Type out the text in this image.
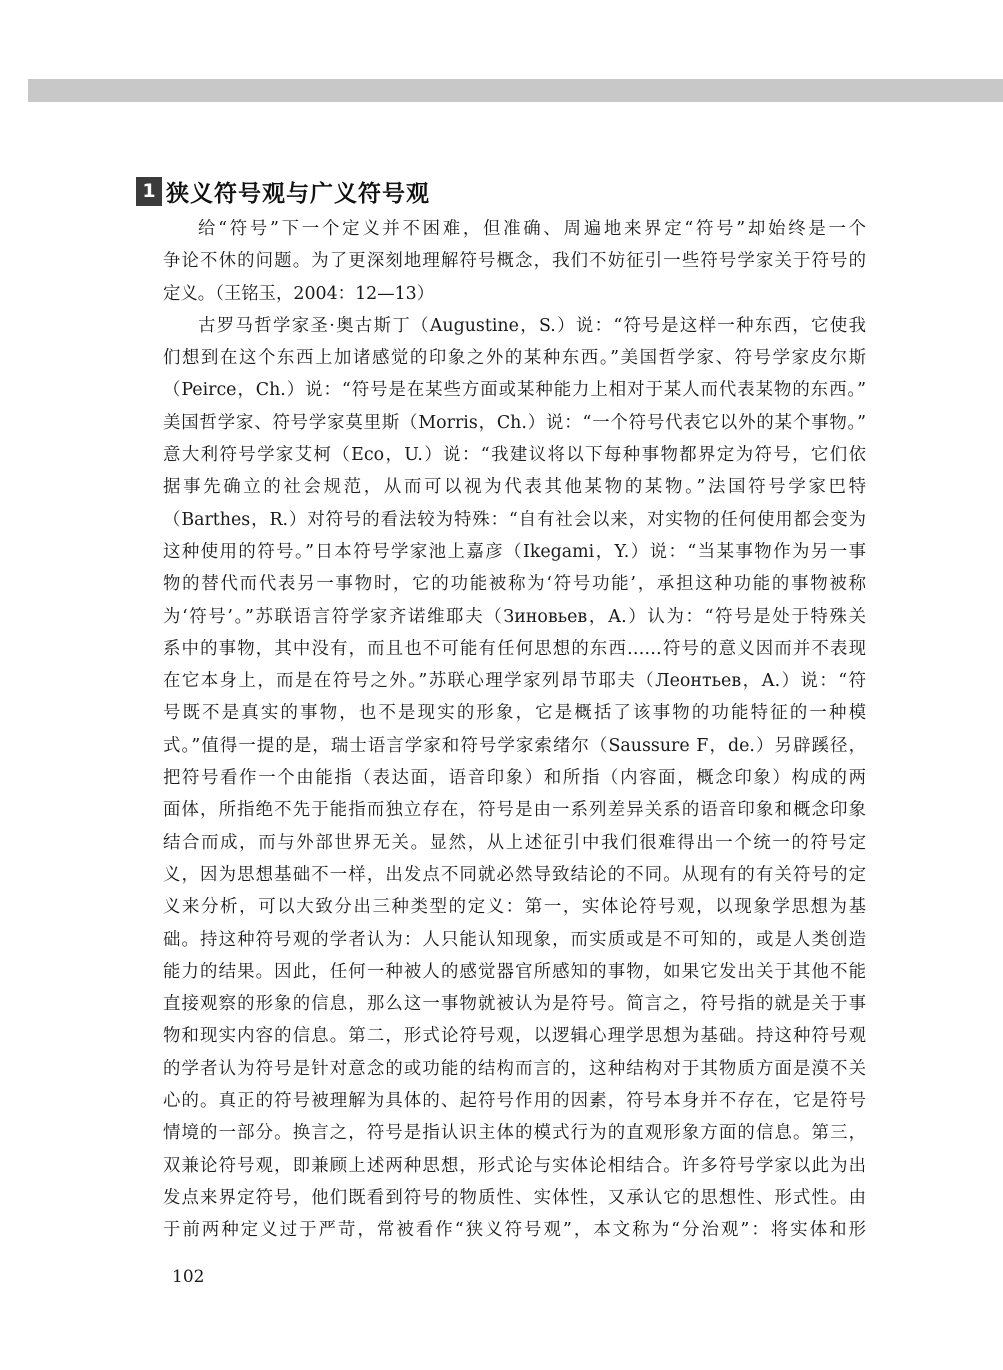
1 狭义符号观与广义符号观
给“符号”下一个定义并不困难，但准确、周遍地来界定“符号”却始终是一个
争论不休的问题。为了更深刻地理解符号概念，我们不妨征引一些符号学家关于符号的
定义。（王铭玉，2004：12—13）
古罗马哲学家圣·奥古斯丁（Augustine，S.）说：“符号是这样一种东西，它使我
们想到在这个东西上加诸感觉的印象之外的某种东西。”美国哲学家、符号学家皮尔斯
（Peirce，Ch.）说：“符号是在某些方面或某种能力上相对于某人而代表某物的东西。”
美国哲学家、符号学家莫里斯（Morris，Ch.）说：“一个符号代表它以外的某个事物。”
意大利符号学家艾柯（Eco，U.）说：“我建议将以下每种事物都界定为符号，它们依
据事先确立的社会规范，从而可以视为代表其他某物的某物。”法国符号学家巴特
（Barthes，R.）对符号的看法较为特殊：“自有社会以来，对实物的任何使用都会变为
这种使用的符号。”日本符号学家池上嘉彦（Ikegami，Y.）说：“当某事物作为另一事
物的替代而代表另一事物时，它的功能被称为‘符号功能’，承担这种功能的事物被称
为‘符号’。”苏联语言符学家齐诺维耶夫（Зиновьев，А.）认为：“符号是处于特殊关
系中的事物，其中没有，而且也不可能有任何思想的东西……符号的意义因而并不表现
在它本身上，而是在符号之外。”苏联心理学家列昂节耶夫（Леонтьев，А.）说：“符
号既不是真实的事物，也不是现实的形象，它是概括了该事物的功能特征的一种模
式。”值得一提的是，瑞士语言学家和符号学家索绪尔（Saussure F，de.）另辟蹊径，
把符号看作一个由能指（表达面，语音印象）和所指（内容面，概念印象）构成的两
面体，所指绝不先于能指而独立存在，符号是由一系列差异关系的语音印象和概念印象
结合而成，而与外部世界无关。显然，从上述征引中我们很难得出一个统一的符号定
义，因为思想基础不一样，出发点不同就必然导致结论的不同。从现有的有关符号的定
义来分析，可以大致分出三种类型的定义：第一，实体论符号观，以现象学思想为基
础。持这种符号观的学者认为：人只能认知现象，而实质或是不可知的，或是人类创造
能力的结果。因此，任何一种被人的感觉器官所感知的事物，如果它发出关于其他不能
直接观察的形象的信息，那么这一事物就被认为是符号。简言之，符号指的就是关于事
物和现实内容的信息。第二，形式论符号观，以逻辑心理学思想为基础。持这种符号观
的学者认为符号是针对意念的或功能的结构而言的，这种结构对于其物质方面是漠不关
心的。真正的符号被理解为具体的、起符号作用的因素，符号本身并不存在，它是符号
情境的一部分。换言之，符号是指认识主体的模式行为的直观形象方面的信息。第三，
双兼论符号观，即兼顾上述两种思想，形式论与实体论相结合。许多符号学家以此为出
发点来界定符号，他们既看到符号的物质性、实体性，又承认它的思想性、形式性。由
于前两种定义过于严苛，常被看作“狭义符号观”，本文称为“分治观”：将实体和形
102
